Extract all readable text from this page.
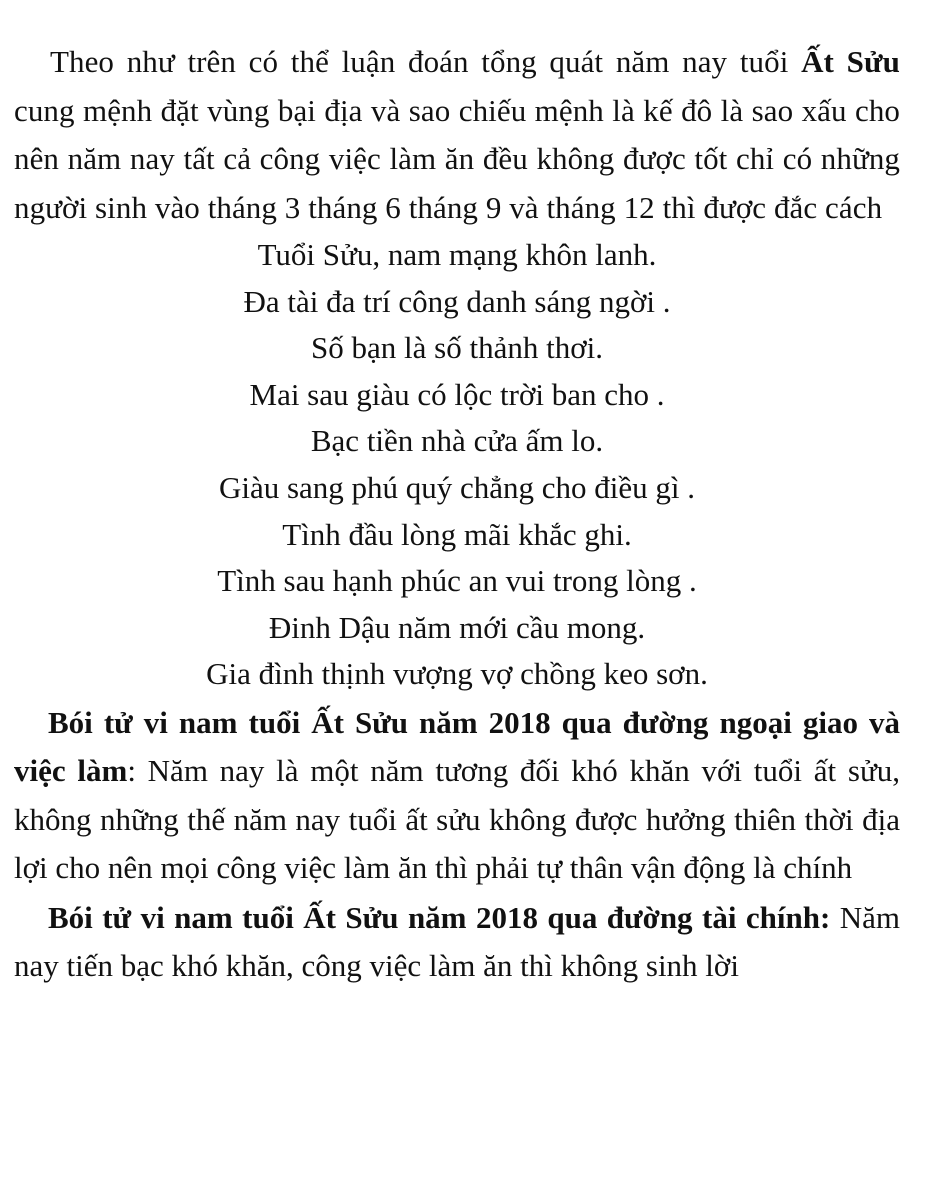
Theo như trên có thể luận đoán tổng quát năm nay tuổi Ất Sửu cung mệnh đặt vùng bại địa và sao chiếu mệnh là kế đô là sao xấu cho nên năm nay tất cả công việc làm ăn đều không được tốt chỉ có những người sinh vào tháng 3 tháng 6 tháng 9 và tháng 12 thì được đắc cách

Tuổi Sửu, nam mạng khôn lanh.
Đa tài đa trí công danh sáng ngời .
Số bạn là số thảnh thơi.
Mai sau giàu có lộc trời ban cho .
Bạc tiền nhà cửa ấm lo.
Giàu sang phú quý chẳng cho điều gì .
Tình đầu lòng mãi khắc ghi.
Tình sau hạnh phúc an vui trong lòng .
Đinh Dậu năm mới cầu mong.
Gia đình thịnh vượng vợ chồng keo sơn.

Bói tử vi nam tuổi Ất Sửu năm 2018 qua đường ngoại giao và việc làm: Năm nay là một năm tương đối khó khăn với tuổi ất sửu, không những thế năm nay tuổi ất sửu không được hưởng thiên thời địa lợi cho nên mọi công việc làm ăn thì phải tự thân vận động là chính

Bói tử vi nam tuổi Ất Sửu năm 2018 qua đường tài chính: Năm nay tiến bạc khó khăn, công việc làm ăn thì không sinh lời
